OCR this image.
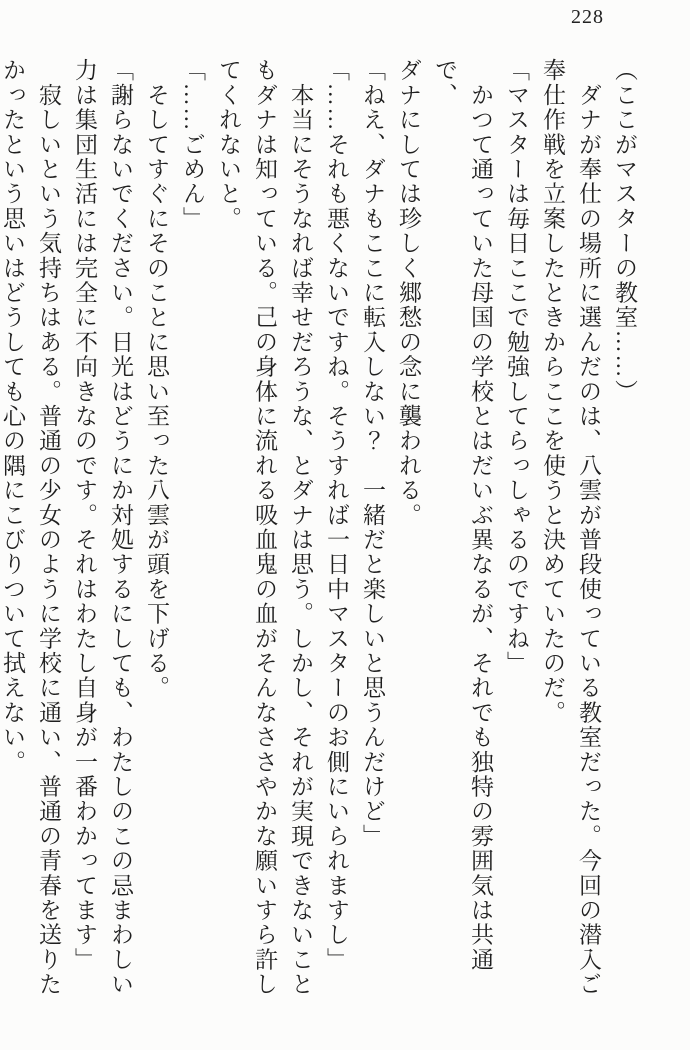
228

（ここがマスターの教室……）

　ダナが奉仕の場所に選んだのは、八雲が普段使っている教室だった。今回の潜入ご

奉仕作戦を立案したときからここを使うと決めていたのだ。

「マスターは毎日ここで勉強してらっしゃるのですね」

　かつて通っていた母国の学校とはだいぶ異なるが、それでも独特の雰囲気は共通で、

ダナにしては珍しく郷愁の念に襲われる。

「ねえ、ダナもここに転入しない？　一緒だと楽しいと思うんだけど」

「……それも悪くないですね。そうすれば一日中マスターのお側にいられますし」

　本当にそうなれば幸せだろうな、とダナは思う。しかし、それが実現できないこと

もダナは知っている。己の身体に流れる吸血鬼の血がそんなささやかな願いすら許し

てくれないと。

「……ごめん」

　そしてすぐにそのことに思い至った八雲が頭を下げる。

「謝らないでください。日光はどうにか対処するにしても、わたしのこの忌まわしい

力は集団生活には完全に不向きなのです。それはわたし自身が一番わかってます」

　寂しいという気持ちはある。普通の少女のように学校に通い、普通の青春を送りた

かったという思いはどうしても心の隅にこびりついて拭えない。
